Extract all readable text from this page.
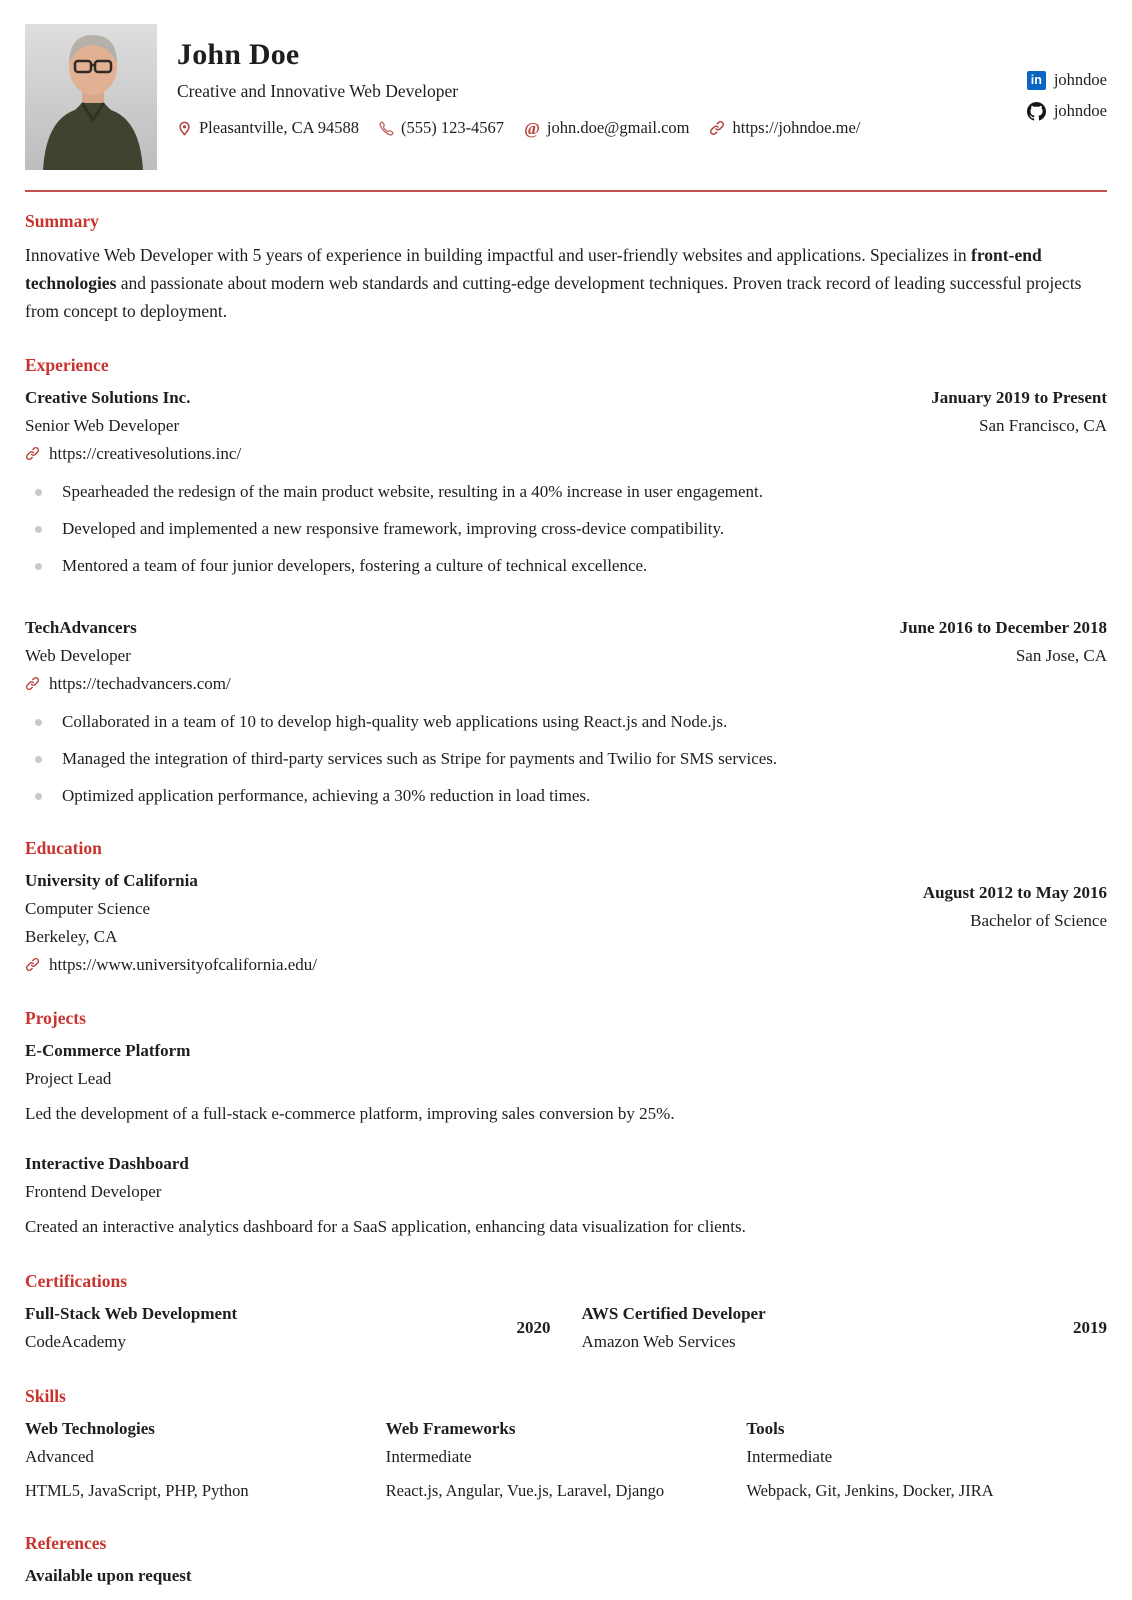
John Doe
Creative and Innovative Web Developer
Pleasantville, CA 94588	(555) 123-4567 @ john.doe@gmail.com	https://johndoe.me/
in johndoe
johndoe
Summary

Innovative Web Developer with 5 years of experience in building impactful and user-friendly websites and applications. Specializes in front-end technologies and passionate about modern web standards and cutting-edge development techniques. Proven track record of leading successful projects from concept to deployment.

Experience
Creative Solutions Inc.	January 2019 to Present
Senior Web Developer	San Francisco, CA
https://creativesolutions.inc/
Spearheaded the redesign of the main product website, resulting in a 40% increase in user engagement.
Developed and implemented a new responsive framework, improving cross-device compatibility.
Mentored a team of four junior developers, fostering a culture of technical excellence.
TechAdvancers	June 2016 to December 2018
Web Developer	San Jose, CA
https://techadvancers.com/
Collaborated in a team of 10 to develop high-quality web applications using React.js and Node.js.
Managed the integration of third-party services such as Stripe for payments and Twilio for SMS services.
Optimized application performance, achieving a 30% reduction in load times.
Education
University of California
Computer Science
Berkeley, CA
https://www.universityofcalifornia.edu/
August 2012 to May 2016
Bachelor of Science
Projects
E-Commerce Platform
Project Lead
Led the development of a full-stack e-commerce platform, improving sales conversion by 25%.
Interactive Dashboard
Frontend Developer
Created an interactive analytics dashboard for a SaaS application, enhancing data visualization for clients.
Certifications
Full-Stack Web Development
CodeAcademy
2020
AWS Certified Developer
Amazon Web Services
2019
Skills
Web Technologies
Advanced
HTML5, JavaScript, PHP, Python
Web Frameworks
Intermediate
React.js, Angular, Vue.js, Laravel, Django
Tools
Intermediate
Webpack, Git, Jenkins, Docker, JIRA
References
Available upon request
